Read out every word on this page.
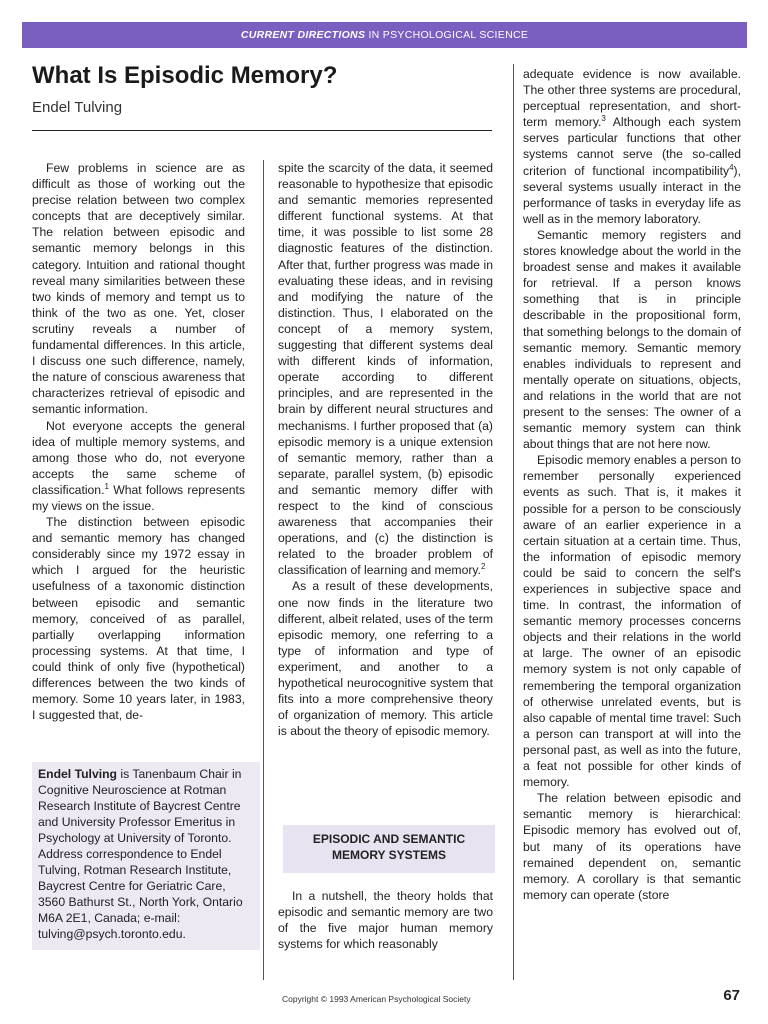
CURRENT DIRECTIONS IN PSYCHOLOGICAL SCIENCE
What Is Episodic Memory?
Endel Tulving

Few problems in science are as difficult as those of working out the precise relation between two complex concepts that are deceptively similar. The relation between episodic and semantic memory belongs in this category. Intuition and rational thought reveal many similarities between these two kinds of memory and tempt us to think of the two as one. Yet, closer scrutiny reveals a number of fundamental differences. In this article, I discuss one such difference, namely, the nature of conscious awareness that characterizes retrieval of episodic and semantic information.

Not everyone accepts the general idea of multiple memory systems, and among those who do, not everyone accepts the same scheme of classification.$^1$ What follows represents my views on the issue.

The distinction between episodic and semantic memory has changed considerably since my 1972 essay in which I argued for the heuristic usefulness of a taxonomic distinction between episodic and semantic memory, conceived of as parallel, partially overlapping information processing systems. At that time, I could think of only five (hypothetical) differences between the two kinds of memory. Some 10 years later, in 1983, I suggested that, de-

Endel Tulving is Tanenbaum Chair in Cognitive Neuroscience at Rotman Research Institute of Baycrest Centre and University Professor Emeritus in Psychology at University of Toronto. Address correspondence to Endel Tulving, Rotman Research Institute, Baycrest Centre for Geriatric Care, 3560 Bathurst St., North York, Ontario M6A 2E1, Canada; e-mail: tulving@psych.toronto.edu.

spite the scarcity of the data, it seemed reasonable to hypothesize that episodic and semantic memories represented different functional systems. At that time, it was possible to list some 28 diagnostic features of the distinction. After that, further progress was made in evaluating these ideas, and in revising and modifying the nature of the distinction. Thus, I elaborated on the concept of a memory system, suggesting that different systems deal with different kinds of information, operate according to different principles, and are represented in the brain by different neural structures and mechanisms. I further proposed that (a) episodic memory is a unique extension of semantic memory, rather than a separate, parallel system, (b) episodic and semantic memory differ with respect to the kind of conscious awareness that accompanies their operations, and (c) the distinction is related to the broader problem of classification of learning and memory.$^2$

As a result of these developments, one now finds in the literature two different, albeit related, uses of the term episodic memory, one referring to a type of information and type of experiment, and another to a hypothetical neurocognitive system that fits into a more comprehensive theory of organization of memory. This article is about the theory of episodic memory.

EPISODIC AND SEMANTIC
MEMORY SYSTEMS

In a nutshell, the theory holds that episodic and semantic memory are two of the five major human memory systems for which reasonably

adequate evidence is now available. The other three systems are procedural, perceptual representation, and short-term memory.$^3$ Although each system serves particular functions that other systems cannot serve (the so-called criterion of functional incompatibility$^4$), several systems usually interact in the performance of tasks in everyday life as well as in the memory laboratory.

Semantic memory registers and stores knowledge about the world in the broadest sense and makes it available for retrieval. If a person knows something that is in principle describable in the propositional form, that something belongs to the domain of semantic memory. Semantic memory enables individuals to represent and mentally operate on situations, objects, and relations in the world that are not present to the senses: The owner of a semantic memory system can think about things that are not here now.

Episodic memory enables a person to remember personally experienced events as such. That is, it makes it possible for a person to be consciously aware of an earlier experience in a certain situation at a certain time. Thus, the information of episodic memory could be said to concern the self's experiences in subjective space and time. In contrast, the information of semantic memory processes concerns objects and their relations in the world at large. The owner of an episodic memory system is not only capable of remembering the temporal organization of otherwise unrelated events, but is also capable of mental time travel: Such a person can transport at will into the personal past, as well as into the future, a feat not possible for other kinds of memory.

The relation between episodic and semantic memory is hierarchical: Episodic memory has evolved out of, but many of its operations have remained dependent on, semantic memory. A corollary is that semantic memory can operate (store

Copyright © 1993 American Psychological Society	67
